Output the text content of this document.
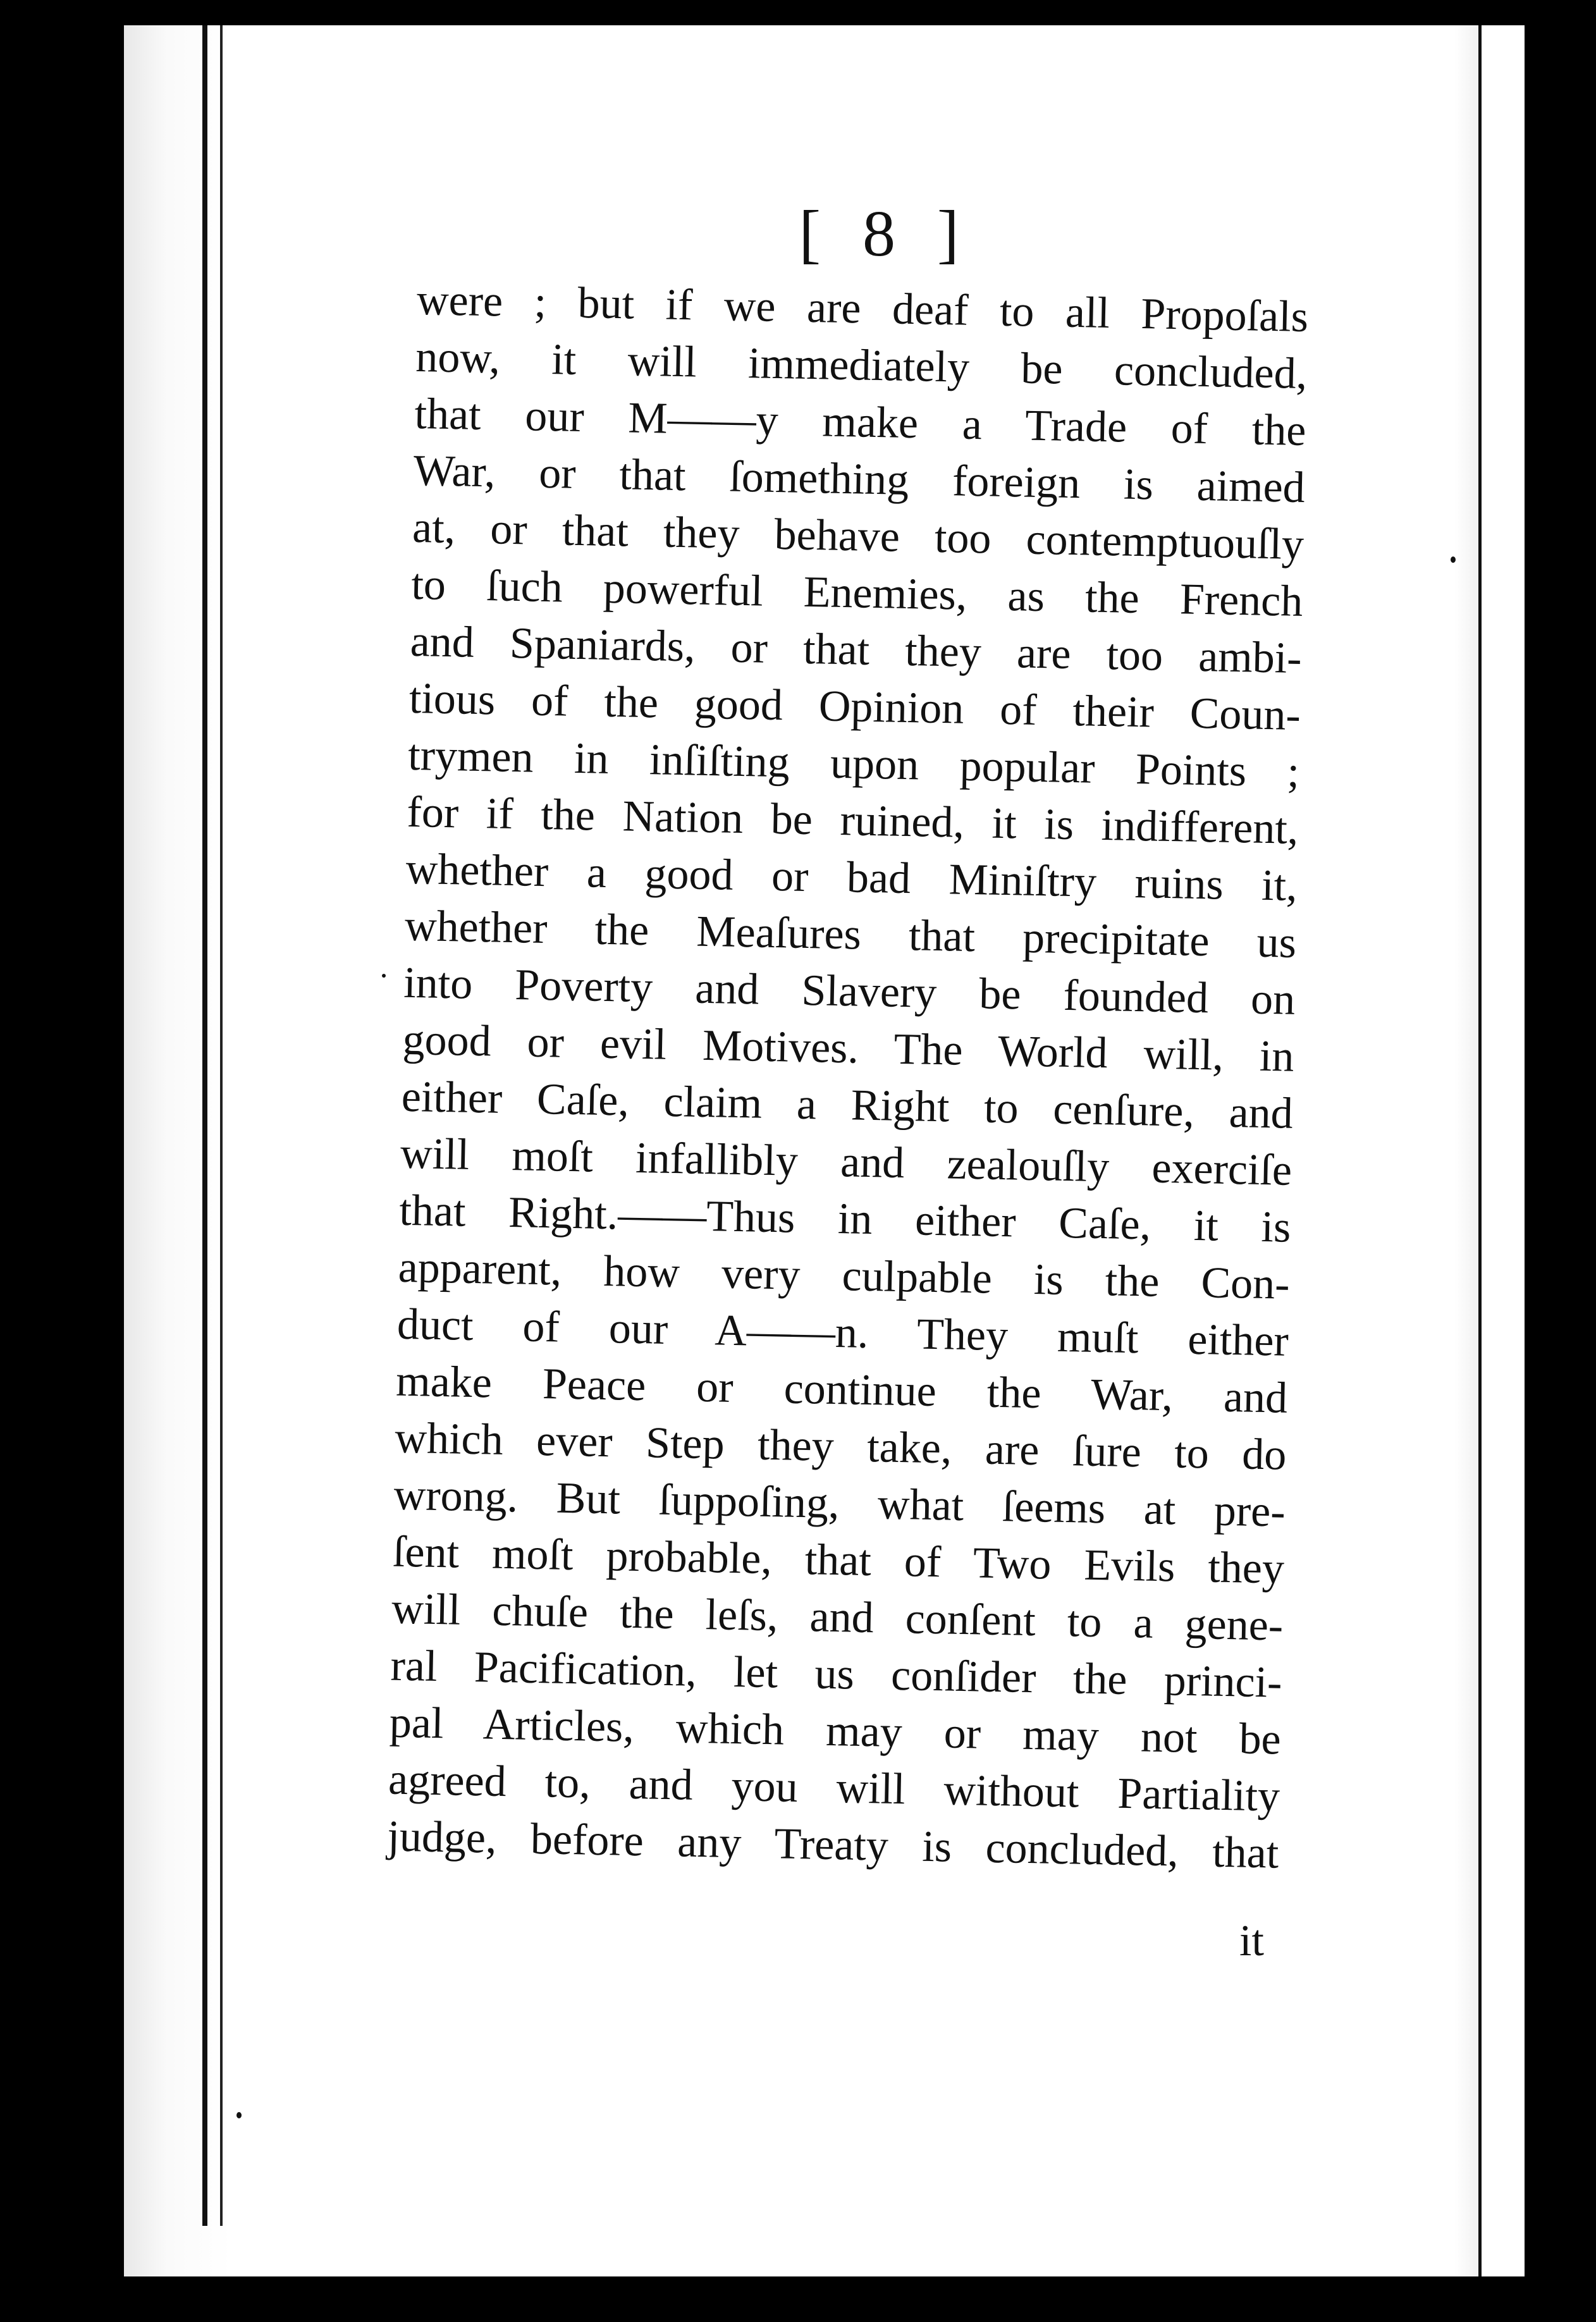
[ 8 ]
were ; but if we are deaf to all Propoſals
now, it will immediately be concluded,
that our M——y make a Trade of the
War, or that ſomething foreign is aimed
at, or that they behave too contemptuouſly
to ſuch powerful Enemies, as the French
and Spaniards, or that they are too ambi-
tious of the good Opinion of their Coun-
trymen in inſiſting upon popular Points ;
for if the Nation be ruined, it is indifferent,
whether a good or bad Miniſtry ruins it,
whether the Meaſures that precipitate us
into Poverty and Slavery be founded on
good or evil Motives. The World will, in
either Caſe, claim a Right to cenſure, and
will moſt infallibly and zealouſly exerciſe
that Right.——Thus in either Caſe, it is
apparent, how very culpable is the Con-
duct of our A——n. They muſt either
make Peace or continue the War, and
which ever Step they take, are ſure to do
wrong. But ſuppoſing, what ſeems at pre-
ſent moſt probable, that of Two Evils they
will chuſe the leſs, and conſent to a gene-
ral Pacification, let us conſider the princi-
pal Articles, which may or may not be
agreed to, and you will without Partiality
judge, before any Treaty is concluded, that
it
